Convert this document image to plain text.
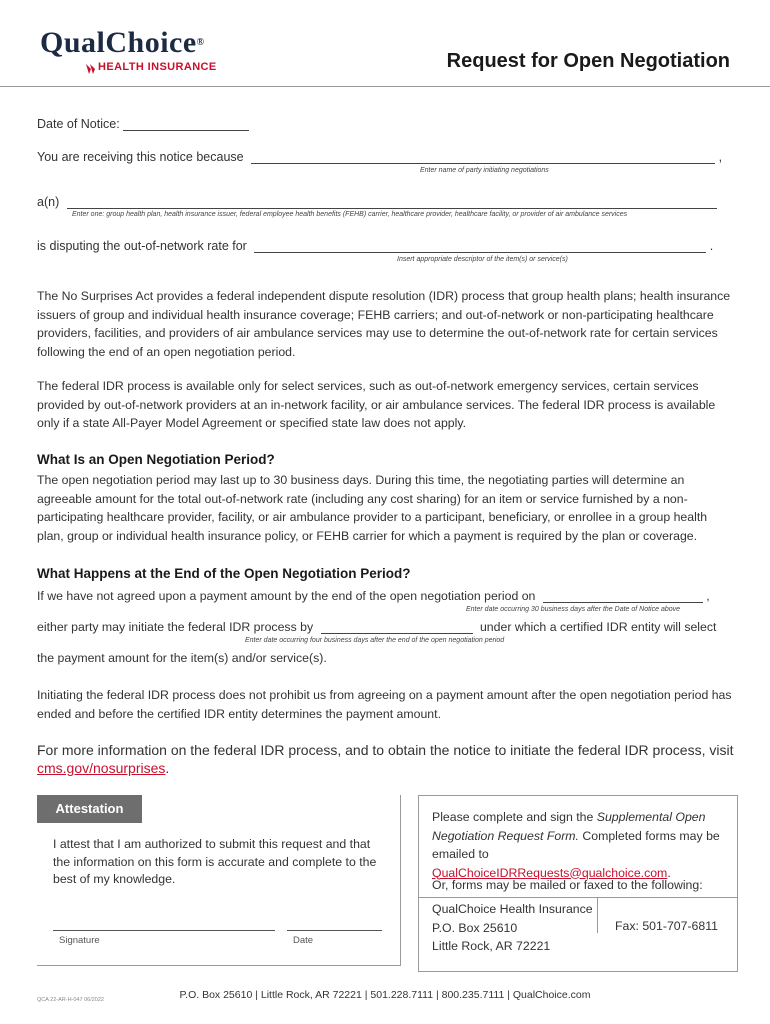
QualChoice®
HEALTH INSURANCE	Request for Open Negotiation
Date of Notice:
You are receiving this notice because	,
Enter name of party initiating negotiations
a(n)
Enter one: group health plan, health insurance issuer, federal employee health benefits (FEHB) carrier, healthcare provider, healthcare facility, or provider of air ambulance services
is disputing the out-of-network rate for	.
Insert appropriate descriptor of the item(s) or service(s)
The No Surprises Act provides a federal independent dispute resolution (IDR) process that group health plans; health insurance issuers of group and individual health insurance coverage; FEHB carriers; and out-of-network or non-participating healthcare providers, facilities, and providers of air ambulance services may use to determine the out-of-network rate for certain services following the end of an open negotiation period.
The federal IDR process is available only for select services, such as out-of-network emergency services, certain services provided by out-of-network providers at an in-network facility, or air ambulance services. The federal IDR process is available only if a state All-Payer Model Agreement or specified state law does not apply.
What Is an Open Negotiation Period?
The open negotiation period may last up to 30 business days. During this time, the negotiating parties will determine an agreeable amount for the total out-of-network rate (including any cost sharing) for an item or service furnished by a non-participating healthcare provider, facility, or air ambulance provider to a participant, beneficiary, or enrollee in a group health plan, group or individual health insurance policy, or FEHB carrier for which a payment is required by the plan or coverage.
What Happens at the End of the Open Negotiation Period?
If we have not agreed upon a payment amount by the end of the open negotiation period on	,
Enter date occurring 30 business days after the Date of Notice above
either party may initiate the federal IDR process by	under which a certified IDR entity will select
Enter date occurring four business days after the end of the open negotiation period
the payment amount for the item(s) and/or service(s).
Initiating the federal IDR process does not prohibit us from agreeing on a payment amount after the open negotiation period has ended and before the certified IDR entity determines the payment amount.
For more information on the federal IDR process, and to obtain the notice to initiate the federal IDR process, visit cms.gov/nosurprises.
Attestation
I attest that I am authorized to submit this request and that the information on this form is accurate and complete to the best of my knowledge.
Signature	Date
Please complete and sign the Supplemental Open Negotiation Request Form. Completed forms may be emailed to QualChoiceIDRRequests@qualchoice.com.
Or, forms may be mailed or faxed to the following:
QualChoice Health Insurance
P.O. Box 25610
Little Rock, AR 72221
Fax: 501-707-6811
QCA 22-AR-H-047 06/2022	P.O. Box 25610 | Little Rock, AR 72221 | 501.228.7111 | 800.235.7111 | QualChoice.com
